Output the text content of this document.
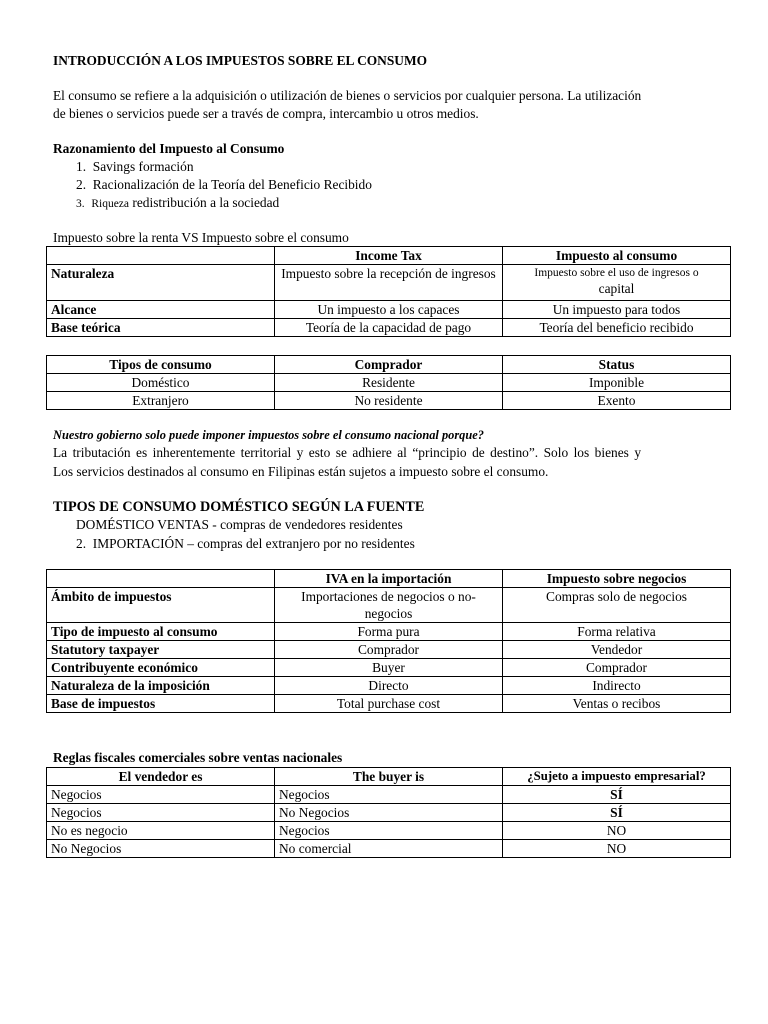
INTRODUCCIÓN A LOS IMPUESTOS SOBRE EL CONSUMO
El consumo se refiere a la adquisición o utilización de bienes o servicios por cualquier persona. La utilización
de bienes o servicios puede ser a través de compra, intercambio u otros medios.
Razonamiento del Impuesto al Consumo
1. Savings formación
2. Racionalización de la Teoría del Beneficio Recibido
3. Riqueza redistribución a la sociedad
Impuesto sobre la renta VS Impuesto sobre el consumo
	Income Tax	Impuesto al consumo
Naturaleza	Impuesto sobre la recepción de ingresos	Impuesto sobre el uso de ingresos o
capital

Alcance	Un impuesto a los capaces	Un impuesto para todos
Base teórica	Teoría de la capacidad de pago	Teoría del beneficio recibido
Tipos de consumo	Comprador	Status
Doméstico	Residente	Imponible
Extranjero	No residente	Exento
Nuestro gobierno solo puede imponer impuestos sobre el consumo nacional porque?
La tributación es inherentemente territorial y esto se adhiere al “principio de destino”. Solo los bienes y
Los servicios destinados al consumo en Filipinas están sujetos a impuesto sobre el consumo.
TIPOS DE CONSUMO DOMÉSTICO SEGÚN LA FUENTE
DOMÉSTICO VENTAS - compras de vendedores residentes
2. IMPORTACIÓN – compras del extranjero por no residentes
	IVA en la importación	Impuesto sobre negocios
Ámbito de impuestos	Importaciones de negocios o no-negocios	Compras solo de negocios
Tipo de impuesto al consumo	Forma pura	Forma relativa
Statutory taxpayer	Comprador	Vendedor
Contribuyente económico	Buyer	Comprador
Naturaleza de la imposición	Directo	Indirecto
Base de impuestos	Total purchase cost	Ventas o recibos
Reglas fiscales comerciales sobre ventas nacionales
El vendedor es	The buyer is	¿Sujeto a impuesto empresarial?
Negocios	Negocios	SÍ
Negocios	No Negocios	SÍ
No es negocio	Negocios	NO
No Negocios	No comercial	NO
